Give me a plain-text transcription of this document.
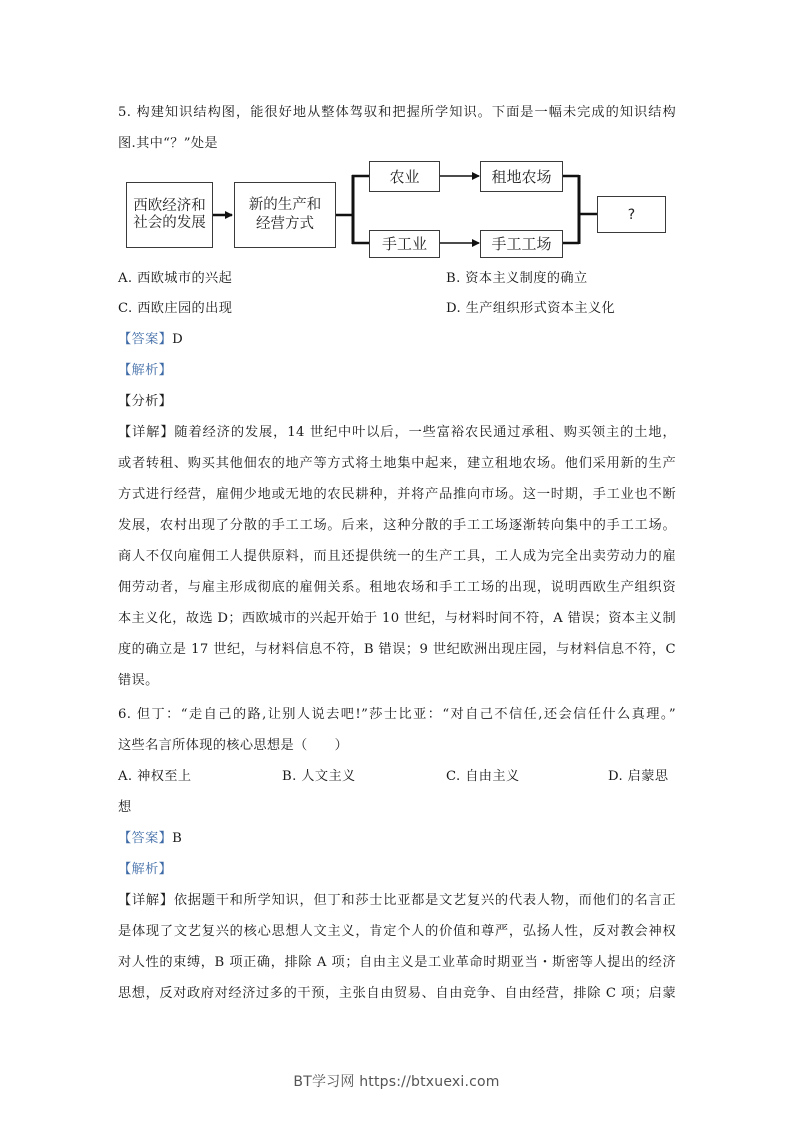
5. 构建知识结构图，能很好地从整体驾驭和把握所学知识。下面是一幅未完成的知识结构
图.其中“？”处是
西欧经济和社会的发展
新的生产和经营方式
农业	租地农场
手工业	手工工场
?
A. 西欧城市的兴起	B. 资本主义制度的确立
C. 西欧庄园的出现	D. 生产组织形式资本主义化
【答案】D
【解析】
【分析】
【详解】随着经济的发展，14 世纪中叶以后，一些富裕农民通过承租、购买领主的土地，
或者转租、购买其他佃农的地产等方式将土地集中起来，建立租地农场。他们采用新的生产
方式进行经营，雇佣少地或无地的农民耕种，并将产品推向市场。这一时期，手工业也不断
发展，农村出现了分散的手工工场。后来，这种分散的手工工场逐渐转向集中的手工工场。
商人不仅向雇佣工人提供原料，而且还提供统一的生产工具，工人成为完全出卖劳动力的雇
佣劳动者，与雇主形成彻底的雇佣关系。租地农场和手工工场的出现，说明西欧生产组织资
本主义化，故选 D；西欧城市的兴起开始于 10 世纪，与材料时间不符，A 错误；资本主义制
度的确立是 17 世纪，与材料信息不符，B 错误；9 世纪欧洲出现庄园，与材料信息不符，C
错误。
6. 但丁：“走自己的路,让别人说去吧!”莎士比亚：“对自己不信任,还会信任什么真理。”
这些名言所体现的核心思想是（　　）
A. 神权至上	B. 人文主义	C. 自由主义	D. 启蒙思
想
【答案】B
【解析】
【详解】依据题干和所学知识，但丁和莎士比亚都是文艺复兴的代表人物，而他们的名言正
是体现了文艺复兴的核心思想人文主义，肯定个人的价值和尊严，弘扬人性，反对教会神权
对人性的束缚，B 项正确，排除 A 项；自由主义是工业革命时期亚当・斯密等人提出的经济
思想，反对政府对经济过多的干预，主张自由贸易、自由竞争、自由经营，排除 C 项；启蒙
BT学习网 https://btxuexi.com
